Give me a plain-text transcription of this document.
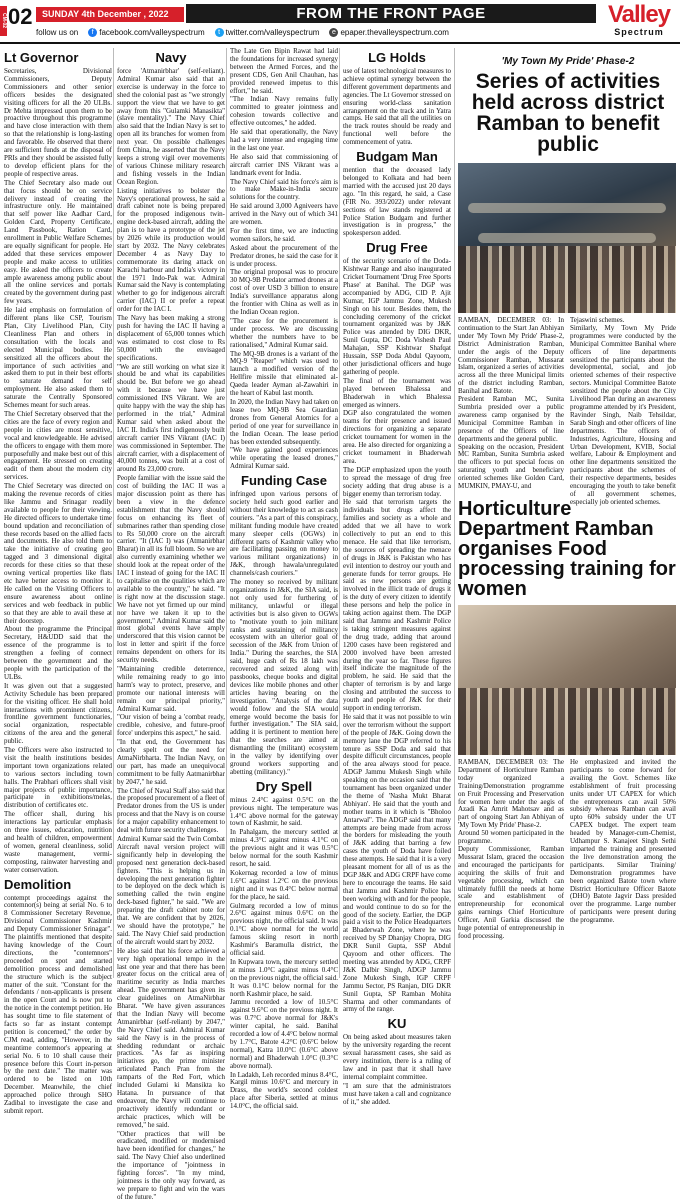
CM-02 02	SUNDAY 4th December , 2022	FROM THE FRONT PAGE
follow us on	f facebook.com/valleyspectrum	t twitter.com/valleyspectrum	e epaper.thevalleyspectrum.com
Valley
Spectrum
Lt Governor

Secretaries, Divisional Commissioners, Deputy Commissioners and other senior officers besides the designated visiting officers for all the 20 ULBs. Dr Mehta impressed upon them to be proactive throughout this programme and have close interaction with them so that the relationship is long-lasting and favorable. He observed that there are sufficient funds at the disposal of PRIs and they should be assisted fully to develop efficient plans for the people of respective areas.

The Chief Secretary also made out that focus should be on service delivery instead of creating the infrastructure only. He maintained that self power like Aadhar Card, Golden Card, Property Certificate, Land Passbook, Ration Card, enrollment in Public Welfare Schemes are equally significant for people. He added that these services empower people and make access to utilities easy. He asked the officers to create ample awareness among public about all the online services and portals created by the government during past few years.

He laid emphasis on formulation of different plans like CSP, Tourism Plan, City Livelihood Plan, City Cleanliness Plan and others in consultation with the locals and elected Municipal bodies. He sensitized all the officers about the importance of such activities and asked them to put in their best efforts to saturate demand for self employment. He also asked them to saturate the Centrally Sponsored Schemes meant for such areas.

The Chief Secretary observed that the cities are the face of every region and people in cities are most sensitive, vocal and knowledgeable. He advised the officers to engage with them more purposefully and make best out of this engagement. He stressed on creating eadit of them about the modern city services.

The Chief Secretary was directed on making the revenue records of cities like Jammu and Srinagar readily available to people for their viewing. He directed officers to undertake time bound updation and reconciliation of these records based on the allied facts and documents. He also told them to take the initiative of creating geo tagged and 3 dimensional digital records for these cities so that these owning vertical properties like flats etc have better access to monitor it. He called on the Visiting Officers to ensure awareness about online services and web feedback in public so that they are able to avail these at their doorstep.

About the programme the Principal Secretary, H&UDD said that the essence of the programme is to strengthen a feeling of connect between the government and the people with the participation of the ULBs.

It was given out that a suggested Activity Schedule has been prepared for the visiting officer. He shall hold interactions with prominent citizens, frontline government functionaries, social organization, respectable citizens of the area and the general public.

The Officers were also instructed to visit the health institutions besides important town organizations related to various sectors including town halls. The Prabhari officers shall visit major projects of public importance, participate in exhibitions/melas, distribution of certificates etc.

The officer shall, during his interactions lay particular emphasis on three issues, education, nutrition and health of children, empowerment of women, general cleanliness, solid waste management, vermi-composting, rainwater harvesting and water conservation.

Demolition

contempt proceedings against the contemnor(s) being at serial No. 6 to 8 Commissioner Secretary Revenue, Divisional Commissioner Kashmir and Deputy Commissioner Srinagar". The plaintiffs mentioned that despite having knowledge of the Court directions, the "contemnors" proceeded on spot and started demolition process and demolished the structure which is the subject matter of the suit. "Constant for the defendants / non-applicants is present in the open Court and is now put to the notice in the contempt petition. He has sought time to file statement of facts so far as instant contempt petition is concerned," the order by CJM read, adding, "However, in the meantime contemnor's appearing at serial No. 6 to 10 shall cause their presence before this Court in-person by the next date." The matter was ordered to be listed on 10th December. Meanwhile, the chief approached police through SHO Zadibal to investigate the case and submit report.

Navy

force 'Atmanirbhar' (self-reliant). Admiral Kumar also said that an exercise is underway in the force to shed the colonial past as "we strongly support the view that we have to get away from this "Gulamki Manasikta" (slave mentality)." The Navy Chief also said that the Indian Navy is set to open all its branches for women from next year. On possible challenges from China, he asserted that the Navy keeps a strong vigil over movements of various Chinese military research and fishing vessels in the Indian Ocean Region.

Listing initiatives to bolster the Navy's operational prowess, he said a draft cabinet note is being prepared for the proposed indigenous twin-engine deck-based aircraft, adding the plan is to have a prototype of the jet by 2026 while its production would start by 2032. The Navy celebrates December 4 as Navy Day to commemorate its daring attack on Karachi harbour and India's victory in the 1971 Indo-Pak war. Admiral Kumar said the Navy is contemplating whether to go for indigenous aircraft carrier (IAC) II or prefer a repeat order for the IAC I.

The Navy has been making a strong push for having the IAC II having a displacement of 65,000 tonnes which was estimated to cost close to Rs 50,000 with the envisaged specifications.

"We are still working on what size it should be and what its capabilities should be. But before we go ahead with it because we have just commissioned INS Vikrant. We are quite happy with the way the ship has performed in the trial," Admiral Kumar said when asked about the IAC II. India's first indigenously built aircraft carrier INS Vikrant (IAC I) was commissioned in September. The aircraft carrier, with a displacement of 40,000 tonnes, was built at a cost of around Rs 23,000 crore.

People familiar with the issue said the cost of building the IAC II was a major discussion point as there has been a view in the defence establishment that the Navy should focus on enhancing its fleet of submarines rather than spending close to Rs 50,000 crore on the aircraft carrier. "It (IAC I) was (Atmanirbhar Bharat) in all its full bloom. So we are also currently examining whether we should look at the repeat order of the IAC I instead of going for the IAC II to capitalise on the qualities which are available to the country," he said. "It is right now at the discussion stage. We have not yet firmed up our mind nor have we taken it up to the government," Admiral Kumar said the most global events have amply underscored that this vision cannot be lost in letter and spirit if the force remains dependent on others for its security needs.

"Maintaining credible deterrence, while remaining ready to go into harm's way to protect, preserve, and promote our national interests will remain our principal priority," Admiral Kumar said.

"Our vision of being a 'combat ready, credible, cohesive, and future-proof force' underpins this aspect," he said.

"In that end, the Government has clearly spelt out the need for AtmaNirbharta. The Indian Navy, on our part, has made an unequivocal commitment to be fully Aatmanirbhar by 2047," he said.

The Chief of Naval Staff also said that the proposed procurement of a fleet of Predator drones from the US is under process and that the Navy is on course for a major capability enhancement to deal with future security challenges.

Admiral Kumar said the Twin Combat Aircraft naval version project will significantly help in developing the proposed next generation deck-based fighters. "This is helping us in developing the next generation fighter to be deployed on the deck which is something called the twin engine deck-based fighter," he said. "We are preparing the draft cabinet note for that. We are confident that by 2026, we should have the prototype," he said. The Navy Chief said production of the aircraft would start by 2032.

He also said that his force achieved a very high operational tempo in the last one year and that there has been greater focus on the critical area of maritime security as India marches ahead. The government has given its clear guidelines on AtmaNirbhar Bharat. "We have given assurances that the Indian Navy will become Atmanirbhar (self-reliant) by 2047," the Navy Chief said. Admiral Kumar said the Navy is in the process of shedding redundant or archaic practices. "As far as inspiring initiatives go, the prime minister articulated Panch Pran from the ramparts of the Red Fort, which included Gulami ki Mansikta ko Hatana. In pursuance of that endeavour, the Navy will continue to proactively identify redundant or archaic practices, which will be removed," he said.

"Other practices that will be eradicated, modified or modernised have been identified for changes," he said. The Navy Chief also underlined the importance of "jointness in fighting forces". "In my mind, jointness is the only way forward, as we prepare to fight and win the wars of the future."

The Late Gen Bipin Rawat had laid the foundations for increased synergy between the Armed Forces, and the present CDS, Gen Anil Chauhan, has provided renewed impetus to this effort," he said.

"The Indian Navy remains fully committed to greater jointness and cohesion towards collective and effective outcomes," he added.

He said that operationally, the Navy had a very intense and engaging time in the last one year.

He also said that commissioning of aircraft carrier INS Vikrant was a landmark event for India.

The Navy Chief said his force's aim is to make Make-in-India secure solutions for the country.

He said around 3,000 Agniveers have arrived in the Navy out of which 341 are women.

For the first time, we are inducting women sailors, he said.

Asked about the procurement of the Predator drones, he said the case for it is under process.

The original proposal was to procure 30 MQ-9B Predator armed drones at a cost of over USD 3 billion to ensure India's surveillance apparatus along the frontier with China as well as in the Indian Ocean region.

"The case for the procurement is under process. We are discussing whether the numbers have to be rationalised," Admiral Kumar said.

The MQ-9B drones is a variant of the MQ-9 "Reaper" which was used to launch a modified version of the Hellfire missile that eliminated al-Qaeda leader Ayman al-Zawahiri in the heart of Kabul last month.

In 2020, the Indian Navy had taken on lease two MQ-9B Sea Guardian drones from General Atomics for a period of one year for surveillance in the Indian Ocean. The lease period has been extended subsequently.

"We have gained good experiences while operating the leased drones," Admiral Kumar said.

Funding Case

infringed upon various persons of society held such good earlier and without their knowledge to act as cash couriers. "As a part of this conspiracy, militant funding module have created many sleeper cells (OGWs) in different parts of Kashmir valley who are facilitating passing on money to various militant organizations) in J&K, through hawala/unregulated channels/cash couriers."

The money so received by militant organizations in J&K, the SIA said, is not only used for furthering of militancy, unlawful or illegal activities but is also given to OGWs to "motivate youth to join militant ranks and sustaining of militancy ecosystem with an ulterior goal of secession of the J&K from Union of India." During the searches, the SIA said, huge cash of Rs 18 lakh was recovered and seized along with passbooks, cheque books and digital devices like mobile phones and other articles having bearing on the investigation. "Analysis of the data would follow and the SIA would emerge would become the basis for further investigation." The SIA said, adding it is pertinent to mention here that the searches are aimed at dismantling the (militant) ecosystem in the valley by identifying over ground workers supporting and abetting (militancy)."

Dry Spell

minus 2.4°C against 0.5°C on the previous night. The temperature was 1.4°C above normal for the gateway town of Kashmir, he said.

In Pahalgam, the mercury settled at minus 4.3°C against minus 4.1°C on the previous night and it was 0.5°C below normal for the south Kashmir resort, he said.

Kokernag recorded a low of minus 1.6°C against 1.2°C on the previous night and it was 0.4°C below normal for the place, he said.

Gulmarg recorded a low of minus 2.6°C against minus 0.6°C on the previous night, the official said. It was 0.1°C above normal for the world famous skiing resort in north Kashmir's Baramulla district, the official said.

In Kupwara town, the mercury settled at minus 1.0°C against minus 0.4°C on the previous night, the official said. It was 0.1°C below normal for the north Kashmir place, he said.

Jammu recorded a low of 10.5°C against 9.6°C on the previous night. It was 0.7°C above normal for J&K's winter capital, he said. Banihal recorded a low of 4.4°C below normal by 1.7°C, Batote 4.2°C (0.6°C below normal), Katra 10.0°C (0.6°C above normal) and Bhaderwah 1.0°C (0.3°C above normal).

In Ladakh, Leh recorded minus 8.4°C, Kargil minus 10.6°C and mercury in Drass, the world's second coldest place after Siberia, settled at minus 14.0°C, the official said.

LG Holds

use of latest technological measures to achieve optimal synergy between the different government departments and agencies. The Lt Governor stressed on ensuring world-class sanitation arrangement on the track and in Yatra camps. He said that all the utilities on the track routes should be ready and functional well before the commencement of yatra.

Budgam Man

mention that the deceased lady belonged to Kolkata and had been married with the accused just 20 days ago. "In this regard, he said, a Case (FIR No. 393/2022) under relevant sections of law stands registered at Police Station Budgam and further investigation is in progress," the spokesperson added.

Drug Free

of the security scenario of the Doda-Kishtwar Range and also inaugurated Cricket Tournament 'Drug Free Sports Phase' at Banihal. The DGP was accompanied by ADG, CID P. Ajit Kumar, IGP Jammu Zone, Mukesh Singh on his tour. Besides them, the concluding ceremony of the cricket tournament organized was by J&K Police was attended by DIG DKR, Sunil Gupta, DC Doda Vishesh Paul Mahajan, SSP Kishtwar Shafqat Hussain, SSP Doda Abdul Qayoom, other jurisdictional officers and huge gathering of people.

The final of the tournament was played between Bhalessa and Bhaderwah in which Bhalessa emerged as winners.

DGP also congratulated the women teams for their presence and issued directions for organizing a separate cricket tournament for women in the area. He also directed for organizing a cricket tournament in Bhaderwah area.

The DGP emphasized upon the youth to spread the message of drug free society adding that drug abuse is a bigger enemy than terrorism today.

He said that terrorism targets the individuals but drugs affect the families and society as a whole and added that we all have to work collectively to put an end to this menace. He said that like terrorism, the sources of spreading the menace of drugs in J&K is Pakistan who has evil intention to destroy our youth and generate funds for terror groups. He said as new persons are getting involved in the illicit trade of drugs it is the duty of every citizen to identify these persons and help the police in taking action against them. The DGP said that Jammu and Kashmir Police is taking stringent measures against the drug trade, adding that around 1200 cases have been registered and 2000 involved have been arrested during the year so far. These figures itself indicate the magnitude of the problem, he said. He said that the chapter of terrorism is by and large closing and attributed the success to youth and people of J&K for their support in ending terrorism.

He said that it was not possible to win over the terrorism without the support of the people of J&K. Going down the memory lane the DGP referred to his tenure as SSP Doda and said that despite difficult circumstances, people of the area always stood for peace. ADGP Jammu Mukesh Singh while speaking on the occasion said that the tournament has been organized under the theme of 'Nasha Mukt Bharat Abhiyan'. He said that the youth and mother teams in it which is "Bholoo Antarwal". The ADGP said that many attempts are being made from across the borders for misleading the youth of J&K adding that barring a few cases the youth of Doda have foiled these attempts. He said that it is a very pleasant moment for all of us as the DGP J&K and ADG CRPF have come here to encourage the teams. He said that Jammu and Kashmir Police has been working with and for the people, and would continue to do so for the good of the society. Earlier, the DGP paid a visit to the Police Headquarters at Bhaderwah Zone, where he was received by SP Dhanjay Chopra, DIG DKR Sunil Gupta, SSP Abdul Qayoom and other officers. The meeting was attended by ADG, CRPF J&K Dalbir Singh, ADGP Jammu Zone Mukesh Singh, IGP CRPF Jammu Sector, PS Ranjan, DIG DKR Sunil Gupta, SP Ramban Mohita Sharma and other commandants of army of the range.

KU

On being asked about measures taken by the university regarding the recent sexual harassment cases, she said as every institution, there is a ruling of law and in past that it shall have internal complaint committee.

"I am sure that the administrators must have taken a call and cognizance of it," she added.

'My Town My Pride' Phase-2
Series of activities held across district Ramban to benefit public

RAMBAN, DECEMBER 03: In continuation to the Start Jan Abhiyan under 'My Town My Pride' Phase-2, District Administration Ramban, under the aegis of the Deputy Commissioner Ramban, Mussarat Islam, organized a series of activities across all the three Municipal limits of the district including Ramban, Banihal and Batote.

President Ramban MC, Sunita Sumbria presided over a public awareness camp organised by the Municipal Committee Ramban in presence of the Officers of line departments and the general public.

Speaking on the occasion, President MC Ramban, Sunita Sumbria asked the officers to put special focus on saturating youth and beneficiary oriented schemes like Golden Card, MUMKIN, PMAY-U, and

Tejaswini schemes.

Similarly, My Town My Pride programmes were conducted by the Municipal Committee Banihal where officers of line departments sensitized the participants about the developmental, social, and job oriented schemes of their respective sectors. Municipal Committee Batote sensitized the people about the City Livelihood Plan during an awareness programme attended by it's President, Ravinder Singh, Naib Tehsildar, Sarab Singh and other officers of line departments. The officers of Industries, Agriculture, Housing and Urban Development, KVIB, Social welfare, Labour & Employment and other line departments sensitized the participants about the schemes of their respective departments, besides encouraging the youth to take benefit of all government schemes, especially job oriented schemes.

Horticulture Department Ramban organises Food processing training for women

RAMBAN, DECEMBER 03: The Department of Horticulture Ramban today organized a Training/Demonstration programme on Fruit Processing and Preservation for women here under the aegis of Azadi Ka Amrit Mahotsav and as part of ongoing Start Jan Abhiyan of 'My Town My Pride' Phase-2.

Around 50 women participated in the programme.

Deputy Commissioner, Ramban Mussarat Islam, graced the occasion and encouraged the participants for acquiring the skills of fruit and vegetable processing, which can ultimately fulfill the needs at home scale and establishment of entrepreneurship for economical gains earnings Chief Horticulture Officer, Anil Garkia discussed the huge potential of entrepreneurship in food processing.

He emphasized and invited the participants to come forward for availing the Govt. Schemes like establishment of fruit processing units under UT CAPEX for which the entrepreneurs can avail 50% subsidy whereas Ramban can avail upto 60% subsidy under the UT CAPEX budget. The expert team headed by Manager-cum-Chemist, Udhampur S. Kanajeet Singh Sethi imparted the training and presented the live demonstration among the participants. Similar Training/ Demonstration programmes have been organized Batote town where District Horticulture Officer Batote (DHO) Batote Jagvir Dass presided over the programme. Large number of participants were present during the programme.
